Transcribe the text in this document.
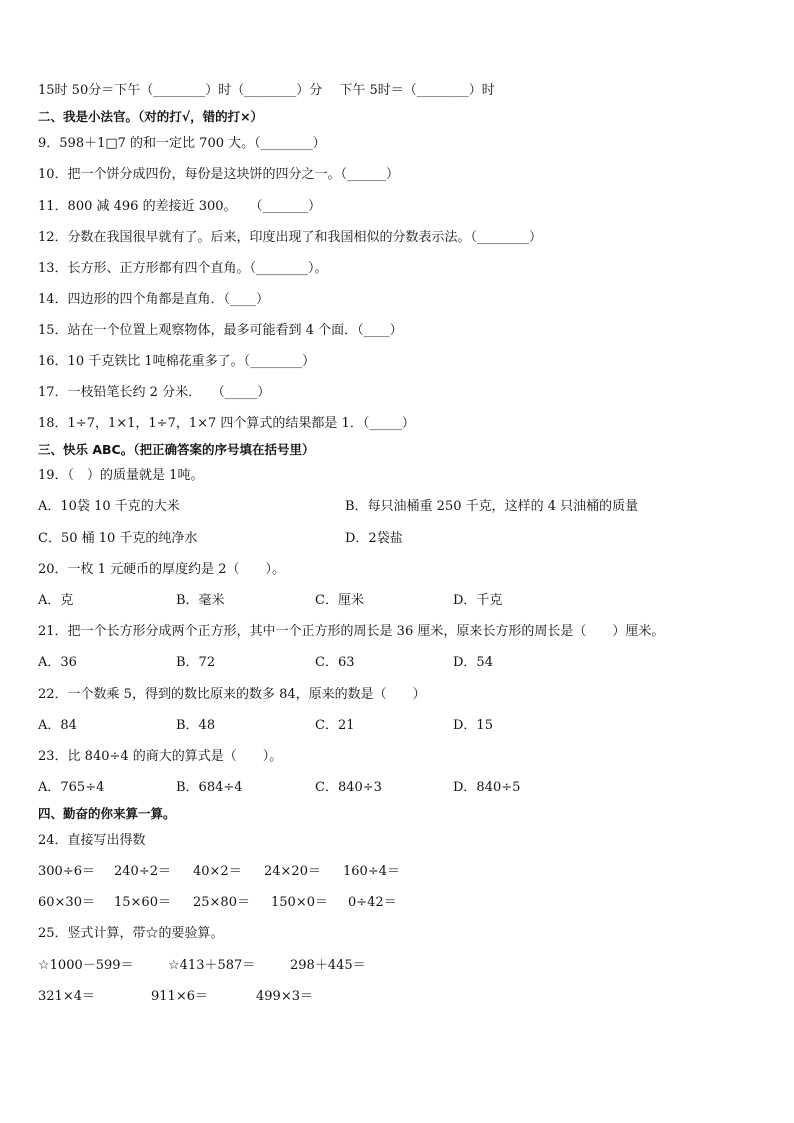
15时 50分＝下午（________）时（________）分　 下午 5时＝（________）时
二、我是小法官。（对的打√，错的打×）
9．598＋1□7 的和一定比 700 大。（________）
10．把一个饼分成四份，每份是这块饼的四分之一。（______）
11．800 减 496 的差接近 300。　　（_______）
12．分数在我国很早就有了。后来，印度出现了和我国相似的分数表示法。（________）
13．长方形、正方形都有四个直角。（________）。
14．四边形的四个角都是直角．（____）
15．站在一个位置上观察物体，最多可能看到 4 个面．（____）
16．10 千克铁比 1吨棉花重多了。（________）
17．一枝铅笔长约 2 分米．　 （_____）
18．1÷7，1×1，1÷7，1×7 四个算式的结果都是 1．（_____）
三、快乐 ABC。（把正确答案的序号填在括号里）
19．（　）的质量就是 1吨。
A．10袋 10 千克的大米	B．每只油桶重 250 千克，这样的 4 只油桶的质量
C．50 桶 10 千克的纯净水	D．2袋盐
20．一枚 1 元硬币的厚度约是 2（　　）。
A．克	B．毫米	C．厘米	D．千克
21．把一个长方形分成两个正方形，其中一个正方形的周长是 36 厘米，原来长方形的周长是（　　）厘米。
A．36	B．72	C．63	D．54
22．一个数乘 5，得到的数比原来的数多 84，原来的数是（　　）
A．84	B．48	C．21	D．15
23．比 840÷4 的商大的算式是（　　）。
A．765÷4	B．684÷4	C．840÷3	D．840÷5
四、勤奋的你来算一算。
24．直接写出得数
300÷6＝ 240÷2＝ 40×2＝ 24×20＝ 160÷4＝
60×30＝ 15×60＝ 25×80＝ 150×0＝ 0÷42＝
25．竖式计算，带☆的要验算。
☆1000－599＝	☆413＋587＝	298＋445＝
321×4＝	911×6＝	499×3＝
